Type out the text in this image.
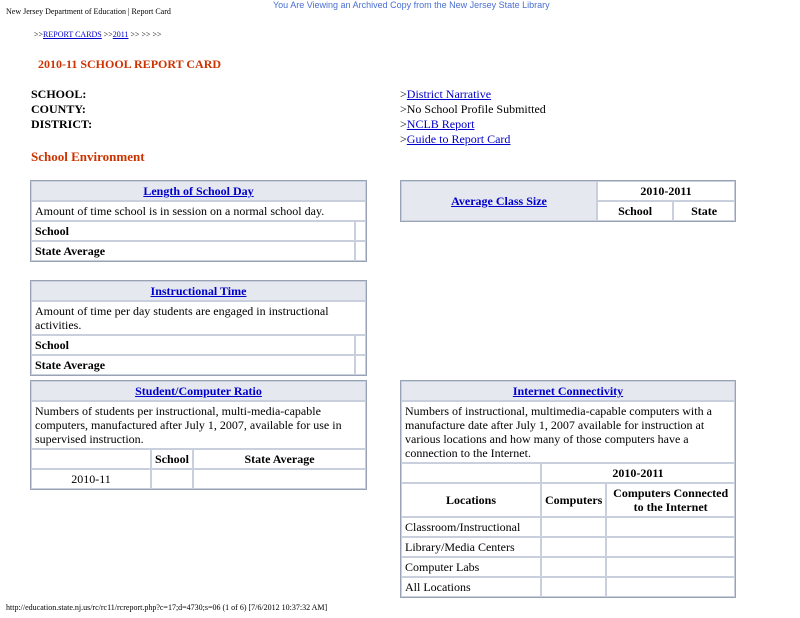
New Jersey Department of Education | Report Card
You Are Viewing an Archived Copy from the New Jersey State Library
>>REPORT CARDS >>2011 >> >> >>
2010-11 SCHOOL REPORT CARD
SCHOOL:
COUNTY:
DISTRICT:
>District Narrative
>No School Profile Submitted
>NCLB Report
>Guide to Report Card
School Environment
Length of School Day	
Amount of time school is in session on a normal school day.	
School	
State Average	
Instructional Time	
Amount of time per day students are engaged in instructional activities.	
School	
State Average	
Student/Computer Ratio		
Numbers of students per instructional, multi-media-capable computers, manufactured after July 1, 2007, available for use in supervised instruction.		
	School	State Average
2010-11		
Average Class Size	2010-2011	
	School	State
Internet Connectivity		
Numbers of instructional, multimedia-capable computers with a manufacture date after July 1, 2007 available for instruction at various locations and how many of those computers have a connection to the Internet.		
	2010-2011	
Locations	Computers	Computers Connected to the Internet
Classroom/Instructional		
Library/Media Centers		
Computer Labs		
All Locations		
http://education.state.nj.us/rc/rc11/rcreport.php?c=17;d=4730;s=06 (1 of 6) [7/6/2012 10:37:32 AM]
